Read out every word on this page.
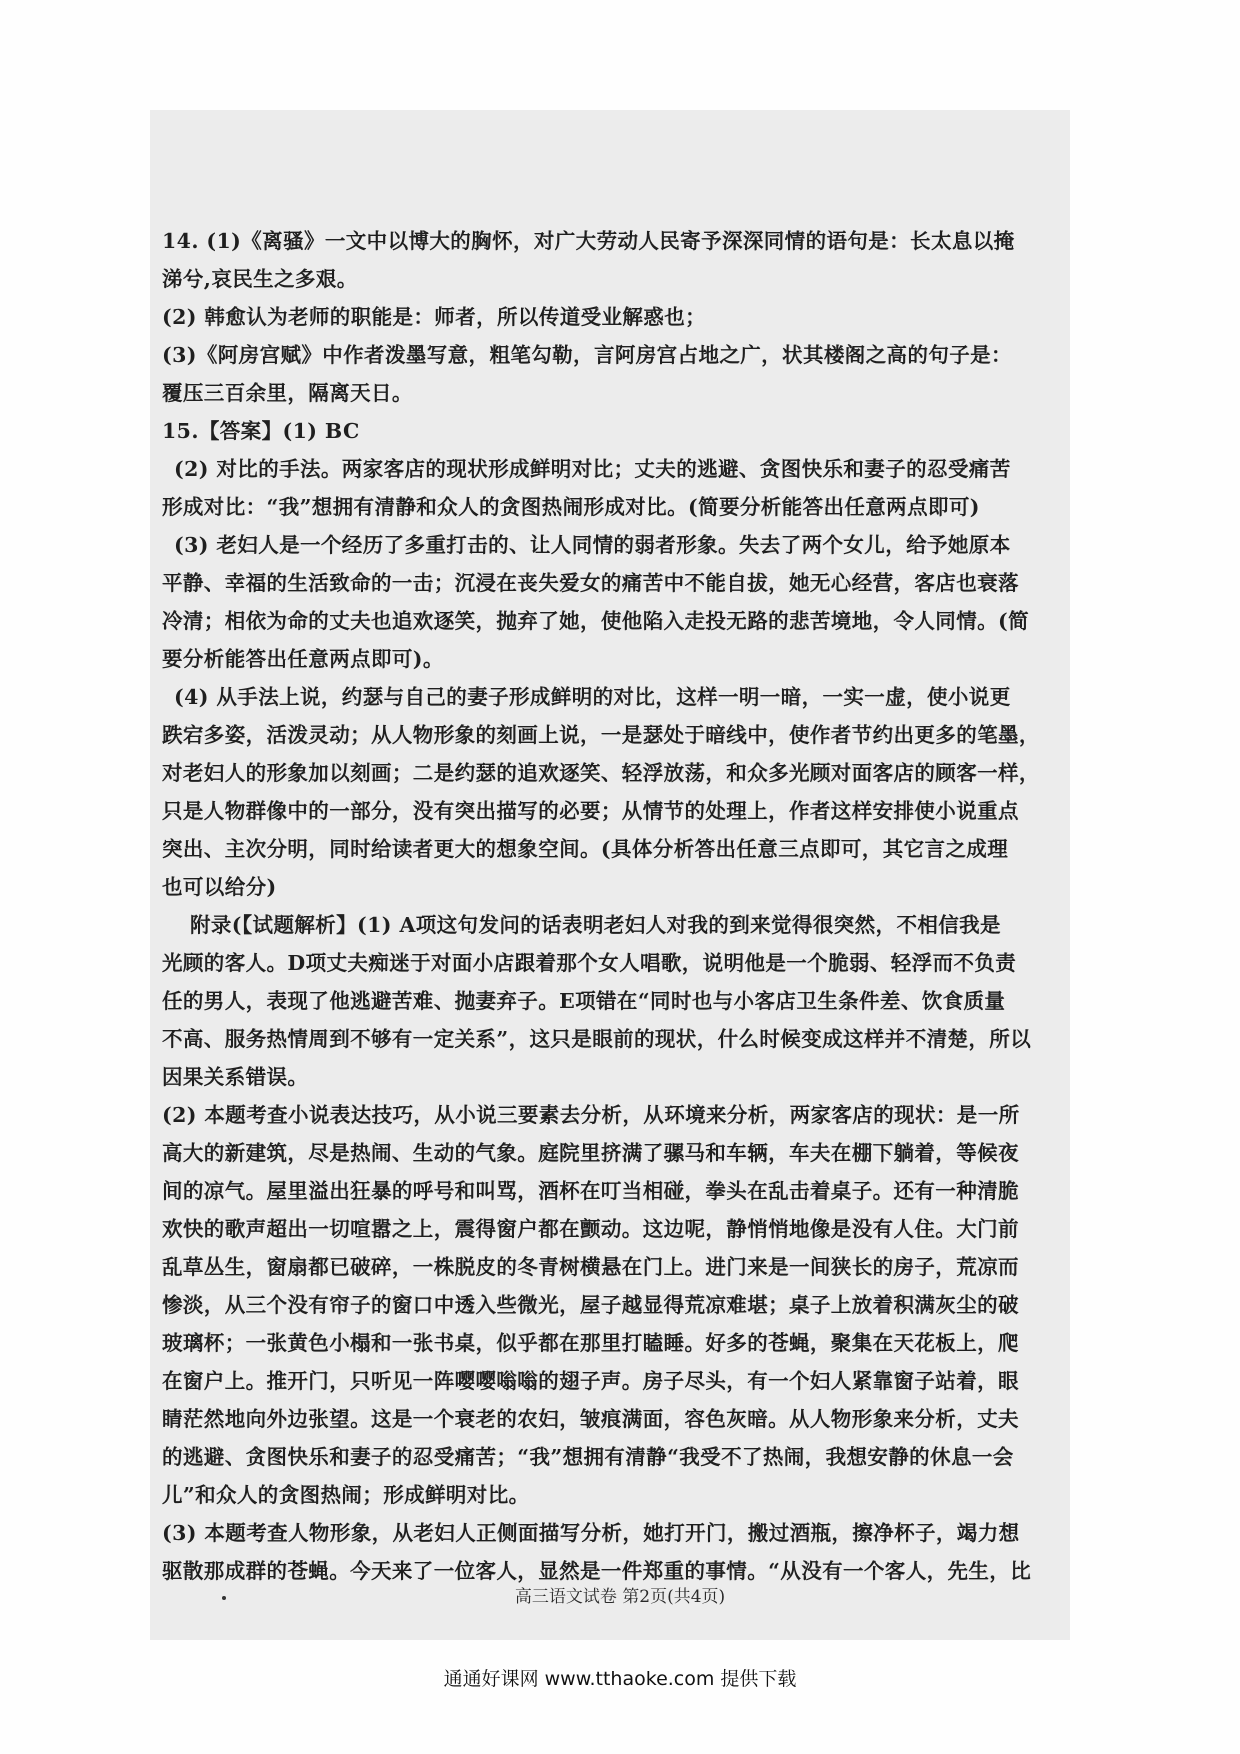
14. (1)《离骚》一文中以博大的胸怀，对广大劳动人民寄予深深同情的语句是：长太息以掩
涕兮,哀民生之多艰。
(2) 韩愈认为老师的职能是：师者，所以传道受业解惑也；
(3)《阿房宫赋》中作者泼墨写意，粗笔勾勒，言阿房宫占地之广，状其楼阁之高的句子是：
覆压三百余里，隔离天日。
15.【答案】(1) BC
(2) 对比的手法。两家客店的现状形成鲜明对比；丈夫的逃避、贪图快乐和妻子的忍受痛苦
形成对比：“我”想拥有清静和众人的贪图热闹形成对比。(简要分析能答出任意两点即可)
(3) 老妇人是一个经历了多重打击的、让人同情的弱者形象。失去了两个女儿，给予她原本
平静、幸福的生活致命的一击；沉浸在丧失爱女的痛苦中不能自拔，她无心经营，客店也衰落
冷清；相依为命的丈夫也追欢逐笑，抛弃了她，使他陷入走投无路的悲苦境地，令人同情。(简
要分析能答出任意两点即可)。
(4) 从手法上说，约瑟与自己的妻子形成鲜明的对比，这样一明一暗，一实一虚，使小说更
跌宕多姿，活泼灵动；从人物形象的刻画上说，一是瑟处于暗线中，使作者节约出更多的笔墨，
对老妇人的形象加以刻画；二是约瑟的追欢逐笑、轻浮放荡，和众多光顾对面客店的顾客一样，
只是人物群像中的一部分，没有突出描写的必要；从情节的处理上，作者这样安排使小说重点
突出、主次分明，同时给读者更大的想象空间。(具体分析答出任意三点即可，其它言之成理
也可以给分)
附录(【试题解析】(1) A项这句发问的话表明老妇人对我的到来觉得很突然，不相信我是
光顾的客人。D项丈夫痴迷于对面小店跟着那个女人唱歌，说明他是一个脆弱、轻浮而不负责
任的男人，表现了他逃避苦难、抛妻弃子。E项错在“同时也与小客店卫生条件差、饮食质量
不高、服务热情周到不够有一定关系”，这只是眼前的现状，什么时候变成这样并不清楚，所以
因果关系错误。
(2) 本题考查小说表达技巧，从小说三要素去分析，从环境来分析，两家客店的现状：是一所
高大的新建筑，尽是热闹、生动的气象。庭院里挤满了骡马和车辆，车夫在棚下躺着，等候夜
间的凉气。屋里溢出狂暴的呼号和叫骂，酒杯在叮当相碰，拳头在乱击着桌子。还有一种清脆
欢快的歌声超出一切喧嚣之上，震得窗户都在颤动。这边呢，静悄悄地像是没有人住。大门前
乱草丛生，窗扇都已破碎，一株脱皮的冬青树横悬在门上。进门来是一间狭长的房子，荒凉而
惨淡，从三个没有帘子的窗口中透入些微光，屋子越显得荒凉难堪；桌子上放着积满灰尘的破
玻璃杯；一张黄色小榻和一张书桌，似乎都在那里打瞌睡。好多的苍蝇，聚集在天花板上，爬
在窗户上。推开门，只听见一阵嘤嘤嗡嗡的翅子声。房子尽头，有一个妇人紧靠窗子站着，眼
睛茫然地向外边张望。这是一个衰老的农妇，皱痕满面，容色灰暗。从人物形象来分析，丈夫
的逃避、贪图快乐和妻子的忍受痛苦；“我”想拥有清静“我受不了热闹，我想安静的休息一会
儿”和众人的贪图热闹；形成鲜明对比。
(3) 本题考查人物形象，从老妇人正侧面描写分析，她打开门，搬过酒瓶，擦净杯子，竭力想
驱散那成群的苍蝇。今天来了一位客人，显然是一件郑重的事情。“从没有一个客人，先生，比
高三语文试卷 第2页(共4页)
通通好课网 www.tthaoke.com 提供下载
